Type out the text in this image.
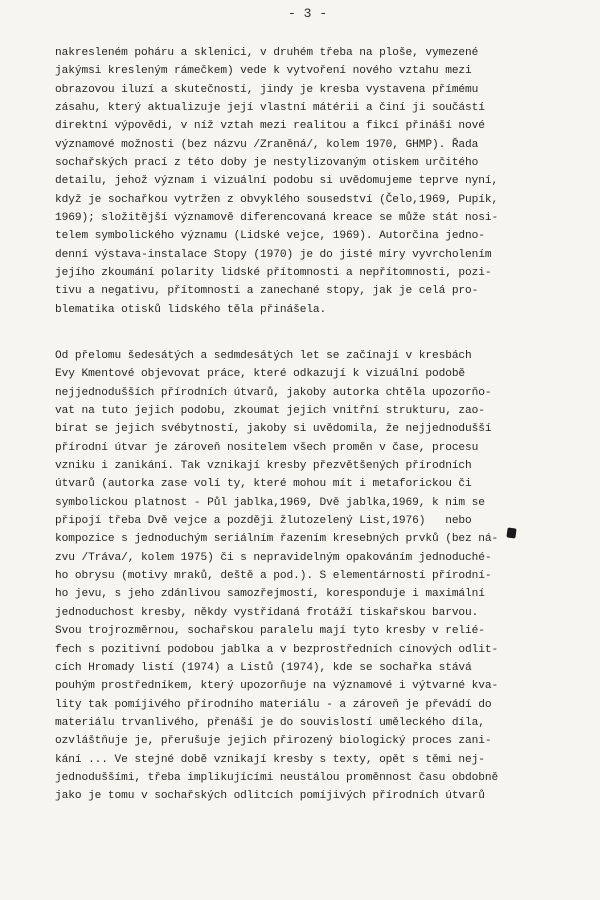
- 3 -
nakresleném poháru a sklenici, v druhém třeba na ploše, vymezené
jakýmsi kresleným rámečkem) vede k vytvoření nového vztahu mezi
obrazovou iluzí a skutečností, jindy je kresba vystavena přímému
zásahu, který aktualizuje její vlastní mátérii a činí ji součástí
direktní výpovědi, v níž vztah mezi realitou a fikcí přináší nové
významové možnosti (bez názvu /Zraněná/, kolem 1970, GHMP). Řada
sochařských prací z této doby je nestylizovaným otiskem určitého
detailu, jehož význam i vizuální podobu si uvědomujeme teprve nyní,
když je sochařkou vytržen z obvyklého sousedství (Čelo,1969, Pupík,
1969); složitější významově diferencovaná kreace se může stát nosi-
telem symbolického významu (Lidské vejce, 1969). Autorčina jedno-
denní výstava-instalace Stopy (1970) je do jisté míry vyvrcholením
jejího zkoumání polarity lidské přítomnosti a nepřítomnosti, pozi-
tivu a negativu, přítomnosti a zanechané stopy, jak je celá pro-
blematika otisků lidského těla přinášela.
Od přelomu šedesátých a sedmdesátých let se začínají v kresbách
Evy Kmentové objevovat práce, které odkazují k vizuální podobě
nejjednodušších přírodních útvarů, jakoby autorka chtěla upozorňo-
vat na tuto jejich podobu, zkoumat jejich vnitřní strukturu, zao-
bírat se jejich svébytností, jakoby si uvědomila, že nejjednodušší
přírodní útvar je zároveň nositelem všech proměn v čase, procesu
vzniku i zanikání. Tak vznikají kresby přezvětšených přírodních
útvarů (autorka zase volí ty, které mohou mít i metaforickou či
symbolickou platnost - Půl jablka,1969, Dvě jablka,1969, k nim se
připojí třeba Dvě vejce a později žlutozelený List,1976)   nebo
kompozice s jednoduchým seriálním řazením kresebných prvků (bez ná-
zvu /Tráva/, kolem 1975) či s nepravidelným opakováním jednoduché-
ho obrysu (motivy mraků, deště a pod.). S elementárností přírodní-
ho jevu, s jeho zdánlivou samozřejmostí, koresponduje i maximální
jednoduchost kresby, někdy vystřídaná frotáží tiskařskou barvou.
Svou trojrozměrnou, sochařskou paralelu mají tyto kresby v relié-
fech s pozitivní podobou jablka a v bezprostředních cínových odlit-
cích Hromady listí (1974) a Listů (1974), kde se sochařka stává
pouhým prostředníkem, který upozorňuje na významové i výtvarné kva-
lity tak pomíjivého přírodního materiálu - a zároveň je převádí do
materiálu trvanlivého, přenáší je do souvislostí uměleckého díla,
ozvláštňuje je, přerušuje jejich přirozený biologický proces zani-
kání ... Ve stejné době vznikají kresby s texty, opět s těmi nej-
jednoduššími, třeba implikujícími neustálou proměnnost času obdobně
jako je tomu v sochařských odlitcích pomíjivých přírodních útvarů
